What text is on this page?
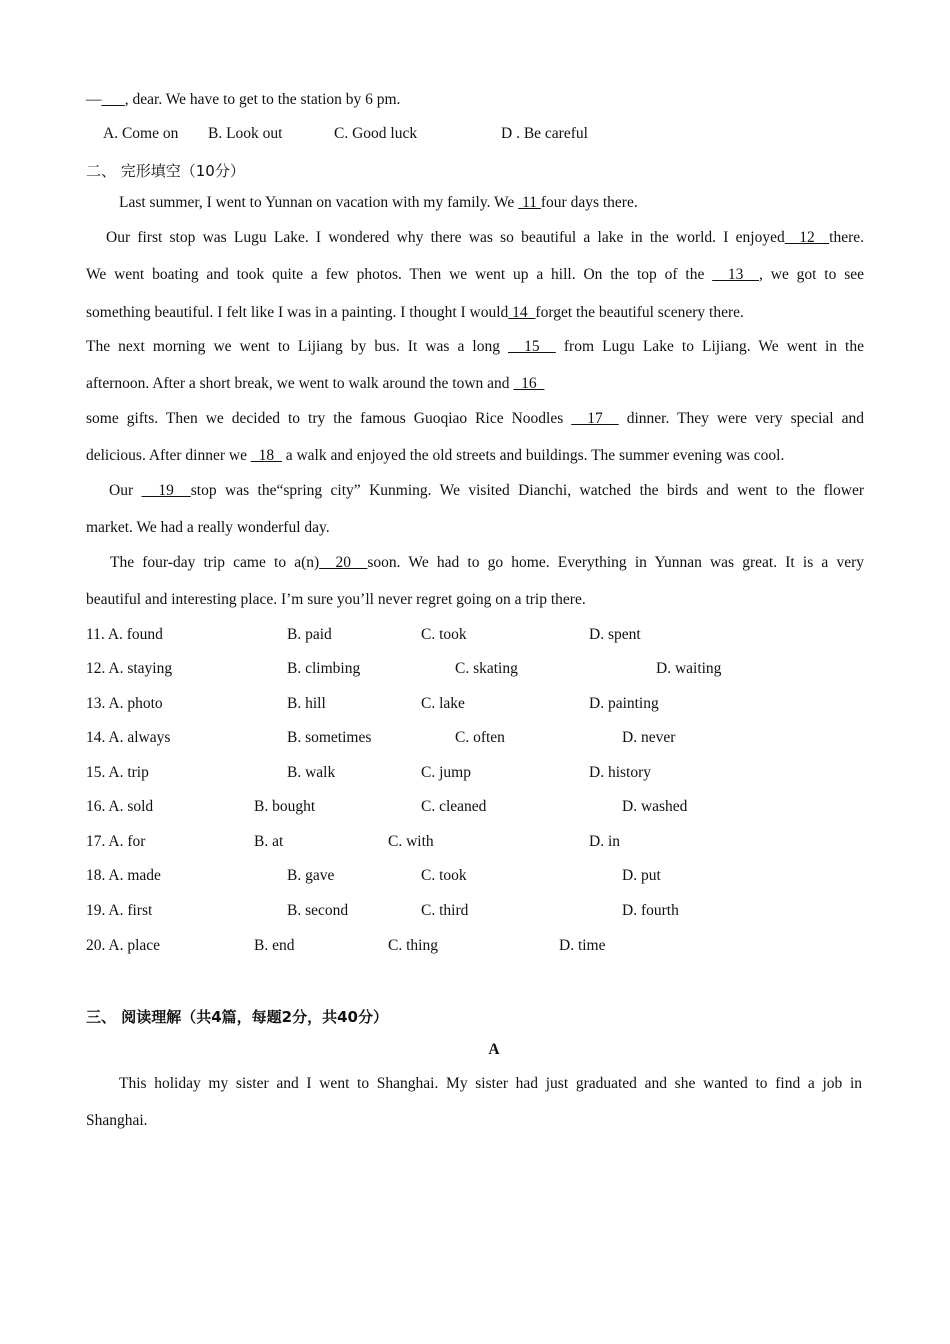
— , dear. We have to get to the station by 6 pm.
A. Come on B. Look out	C. Good luck	D . Be careful
二、 完形填空（10分）
Last summer, I went to Yunnan on vacation with my family. We  11 four days there.
Our first stop was Lugu Lake. I wondered why there was so beautiful a lake in the world. I enjoyed  12  there.
We went boating and took quite a few photos. Then we went up a hill. On the top of the   13  , we got to see
something beautiful. I felt like I was in a painting. I thought I would 14  forget the beautiful scenery there.
The next morning we went to Lijiang by bus. It was a long   15   from Lugu Lake to Lijiang. We went in the
afternoon. After a short break, we went to walk around the town and   16
some gifts. Then we decided to try the famous Guoqiao Rice Noodles   17   dinner. They were very special and
delicious. After dinner we   18   a walk and enjoyed the old streets and buildings. The summer evening was cool.
Our   19  stop was the“spring city” Kunming. We visited Dianchi, watched the birds and went to the flower
market. We had a really wonderful day.
The four-day trip came to a(n)  20  soon. We had to go home. Everything in Yunnan was great. It is a very
beautiful and interesting place. I’m sure you’ll never regret going on a trip there.
11. A. found	B. paid	C. took	D. spent
12. A. staying	B. climbing	C. skating	D. waiting
13. A. photo	B. hill	C. lake	D. painting
14. A. always	B. sometimes	C. often	D. never
15. A. trip	B. walk	C. jump	D. history
16. A. sold	B. bought	C. cleaned	D. washed
17. A. for	B. at	C. with	D. in
18. A. made	B. gave	C. took	D. put
19. A. first	B. second	C. third	D. fourth
20. A. place	B. end	C. thing	D. time
三、 阅读理解（共4篇，每题2分，共40分）
A
This holiday my sister and I went to Shanghai. My sister had just graduated and she wanted to find a job in
Shanghai.
